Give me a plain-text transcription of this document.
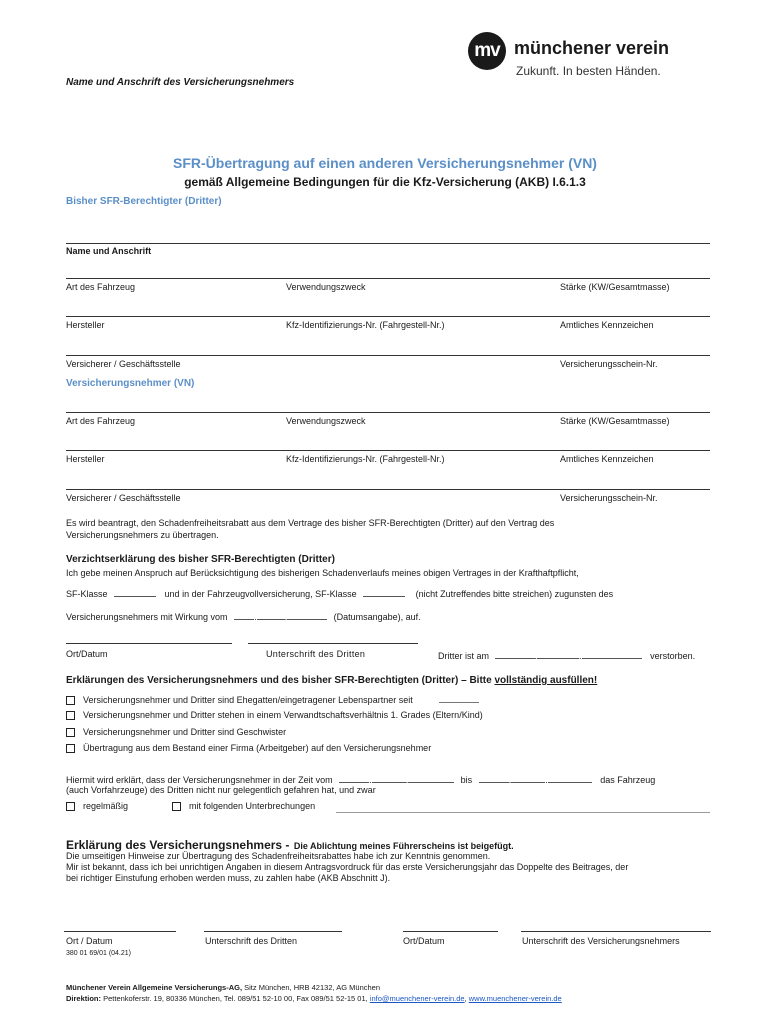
mv münchener verein
Zukunft. In besten Händen.
Name und Anschrift des Versicherungsnehmers
SFR-Übertragung auf einen anderen Versicherungsnehmer (VN)
gemäß Allgemeine Bedingungen für die Kfz-Versicherung (AKB) I.6.1.3
Bisher SFR-Berechtigter (Dritter)
Name und Anschrift
Art des Fahrzeug	Verwendungszweck	Stärke (KW/Gesamtmasse)
Hersteller	Kfz-Identifizierungs-Nr. (Fahrgestell-Nr.)	Amtliches Kennzeichen
Versicherer / Geschäftsstelle	Versicherungsschein-Nr.
Versicherungsnehmer (VN)
Art des Fahrzeug	Verwendungszweck	Stärke (KW/Gesamtmasse)
Hersteller	Kfz-Identifizierungs-Nr. (Fahrgestell-Nr.)	Amtliches Kennzeichen
Versicherer / Geschäftsstelle	Versicherungsschein-Nr.
Es wird beantragt, den Schadenfreiheitsrabatt aus dem Vertrage des bisher SFR-Berechtigten (Dritter) auf den Vertrag des
Versicherungsnehmers zu übertragen.
Verzichtserklärung des bisher SFR-Berechtigten (Dritter)
Ich gebe meinen Anspruch auf Berücksichtigung des bisherigen Schadenverlaufs meines obigen Vertrages in der Krafthaftpflicht,
SF-Klasse	und in der Fahrzeugvollversicherung, SF-Klasse	(nicht Zutreffendes bitte streichen) zugunsten des
Versicherungsnehmers mit Wirkung vom	.	.	(Datumsangabe), auf.
Ort/Datum	Unterschrift des Dritten	Dritter ist am	.	.	verstorben.
Erklärungen des Versicherungsnehmers und des bisher SFR-Berechtigten (Dritter) – Bitte vollständig ausfüllen!
Versicherungsnehmer und Dritter sind Ehegatten/eingetragener Lebenspartner seit
Versicherungsnehmer und Dritter stehen in einem Verwandtschaftsverhältnis 1. Grades (Eltern/Kind)
Versicherungsnehmer und Dritter sind Geschwister
Übertragung aus dem Bestand einer Firma (Arbeitgeber) auf den Versicherungsnehmer
Hiermit wird erklärt, dass der Versicherungsnehmer in der Zeit vom	.	.	bis	.	.	das Fahrzeug
(auch Vorfahrzeuge) des Dritten nicht nur gelegentlich gefahren hat, und zwar
regelmäßig	mit folgenden Unterbrechungen
Erklärung des Versicherungsnehmers - Die Ablichtung meines Führerscheins ist beigefügt.
Die umseitigen Hinweise zur Übertragung des Schadenfreiheitsrabattes habe ich zur Kenntnis genommen.
Mir ist bekannt, dass ich bei unrichtigen Angaben in diesem Antragsvordruck für das erste Versicherungsjahr das Doppelte des Beitrages, der
bei richtiger Einstufung erhoben werden muss, zu zahlen habe (AKB Abschnitt J).
Ort / Datum	Unterschrift des Dritten	Ort/Datum	Unterschrift des Versicherungsnehmers
380 01 69/01 (04.21)
Münchener Verein Allgemeine Versicherungs-AG, Sitz München, HRB 42132, AG München
Direktion: Pettenkoferstr. 19, 80336 München, Tel. 089/51 52-10 00, Fax 089/51 52-15 01, info@muenchener-verein.de, www.muenchener-verein.de
